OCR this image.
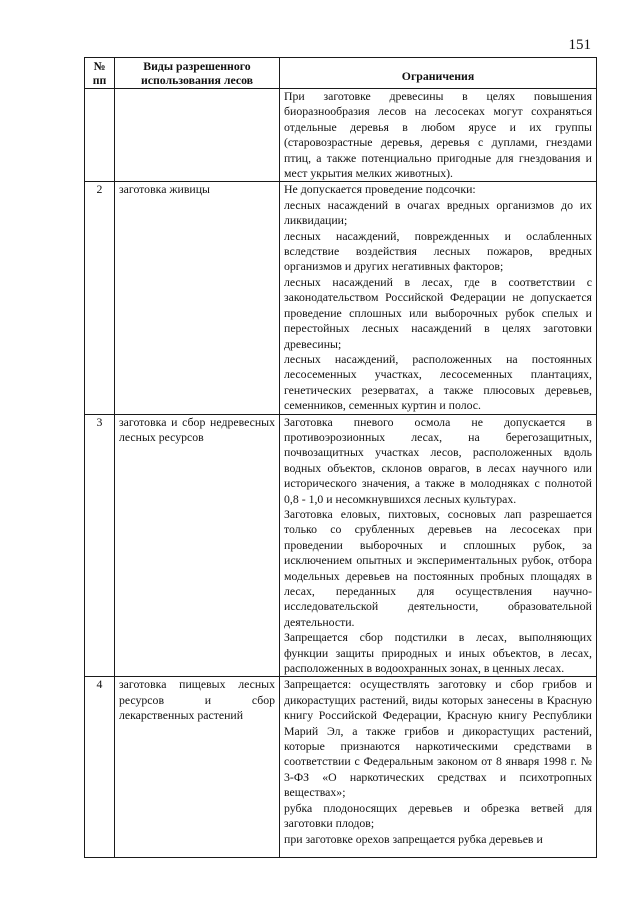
151
№ пп	Виды разрешенного использования лесов	Ограничения

		При заготовке древесины в целях повышения биоразнообразия лесов на лесосеках могут сохраняться отдельные деревья в любом ярусе и их группы (старовозрастные деревья, деревья с дуплами, гнездами птиц, а также потенциально пригодные для гнездования и мест укрытия мелких животных).

2	заготовка живицы	Не допускается проведение подсочки:

лесных насаждений в очагах вредных организмов до их ликвидации;

лесных насаждений, поврежденных и ослабленных вследствие воздействия лесных пожаров, вредных организмов и других негативных факторов;

лесных насаждений в лесах, где в соответствии с законодательством Российской Федерации не допускается проведение сплошных или выборочных рубок спелых и перестойных лесных насаждений в целях заготовки древесины;

лесных насаждений, расположенных на постоянных лесосеменных участках, лесосеменных плантациях, генетических резерватах, а также плюсовых деревьев, семенников, семенных куртин и полос.

3	заготовка и сбор недревесных лесных ресурсов	Заготовка пневого осмола не допускается в противоэрозионных лесах, на берегозащитных, почвозащитных участках лесов, расположенных вдоль водных объектов, склонов оврагов, в лесах научного или исторического значения, а также в молодняках с полнотой 0,8 - 1,0 и несомкнувшихся лесных культурах.

Заготовка еловых, пихтовых, сосновых лап разрешается только со срубленных деревьев на лесосеках при проведении выборочных и сплошных рубок, за исключением опытных и экспериментальных рубок, отбора модельных деревьев на постоянных пробных площадях в лесах, переданных для осуществления научно-исследовательской деятельности, образовательной деятельности.

Запрещается сбор подстилки в лесах, выполняющих функции защиты природных и иных объектов, в лесах, расположенных в водоохранных зонах, в ценных лесах.

4	заготовка пищевых лесных ресурсов и сбор лекарственных растений	Запрещается: осуществлять заготовку и сбор грибов и дикорастущих растений, виды которых занесены в Красную книгу Российской Федерации, Красную книгу Республики Марий Эл, а также грибов и дикорастущих растений, которые признаются наркотическими средствами в соответствии с Федеральным законом от 8 января 1998 г. № 3-ФЗ «О наркотических средствах и психотропных веществах»;

рубка плодоносящих деревьев и обрезка ветвей для заготовки плодов;

при заготовке орехов запрещается рубка деревьев и
